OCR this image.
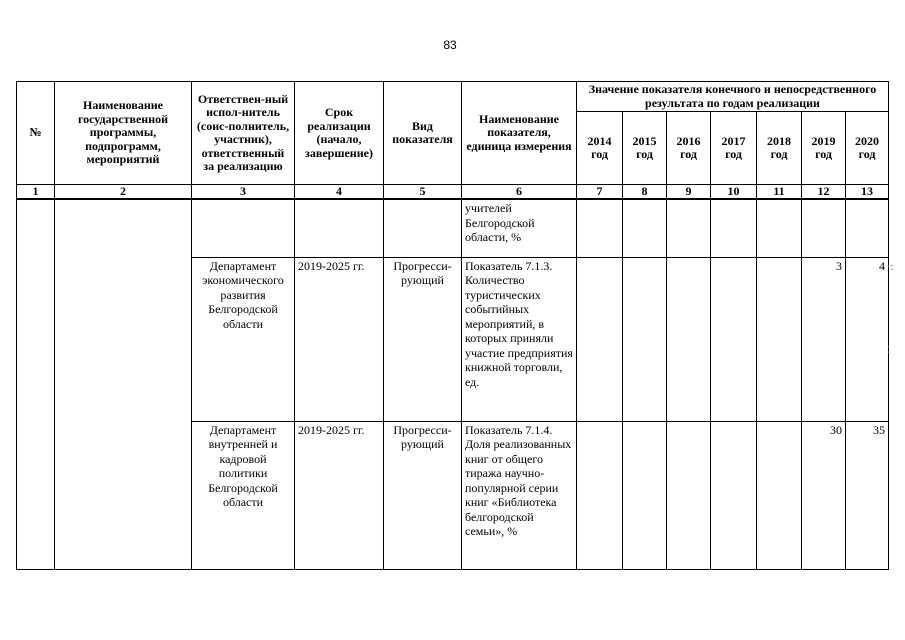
83
№	Наименование государственной программы, подпрограмм, мероприятий	Ответствен-ный испол-нитель (соис-полнитель, участник), ответственный за реализацию	Срок реализации (начало, завершение)	Вид показателя	Наименование показателя, единица измерения	Значение показателя конечного и непосредственного результата по годам реализации						
						2014 год	2015 год	2016 год	2017 год	2018 год	2019 год	2020 год
1	2	3	4	5	6	7	8	9	10	11	12	13
					учителей Белгородской области, %							
		Департамент экономического развития Белгородской области	2019-2025 гг.	Прогресси-рующий	Показатель 7.1.3. Количество туристических событийных мероприятий, в которых приняли участие предприятия книжной торговли, ед.						3	4
		Департамент внутренней и кадровой политики Белгородской области	2019-2025 гг.	Прогресси-рующий	Показатель 7.1.4. Доля реализованных книг от общего тиража научно-популярной серии книг «Библиотека белгородской семьи», %						30	35
·:
⁚
